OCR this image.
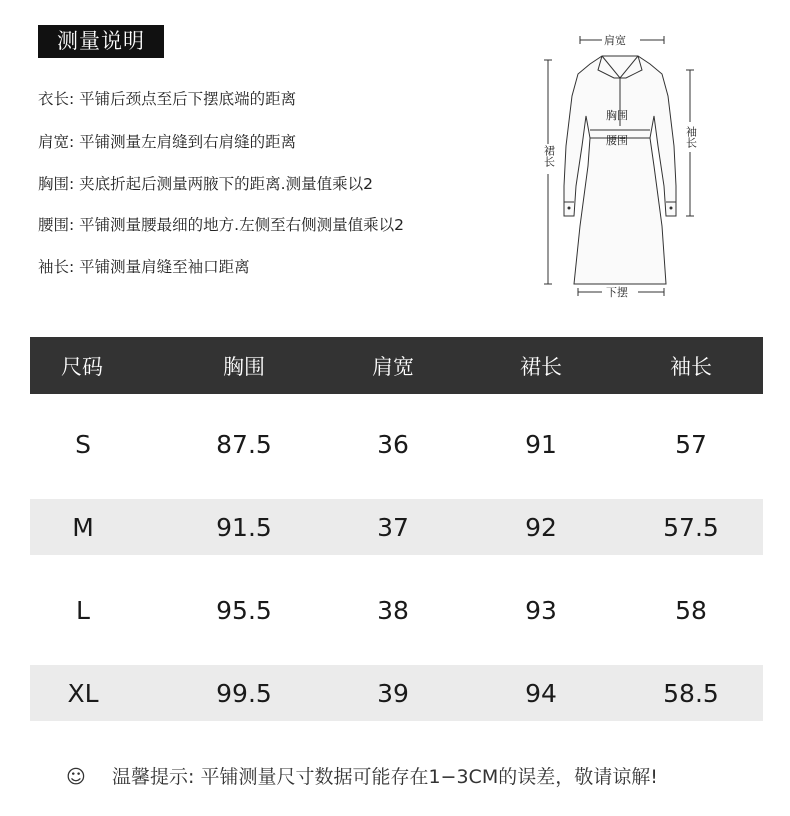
测量说明
衣长: 平铺后颈点至后下摆底端的距离
肩宽: 平铺测量左肩缝到右肩缝的距离
胸围: 夹底折起后测量两腋下的距离.测量值乘以2
腰围: 平铺测量腰最细的地方.左侧至右侧测量值乘以2
袖长: 平铺测量肩缝至袖口距离
肩宽
胸围
腰围
下摆
裙长
袖长
尺码	胸围	肩宽	裙长	袖长
S	87.5	36	91	57
M	91.5	37	92	57.5
L	95.5	38	93	58
XL	99.5	39	94	58.5
☺ 温馨提示: 平铺测量尺寸数据可能存在1−3CM的误差，敬请谅解!
